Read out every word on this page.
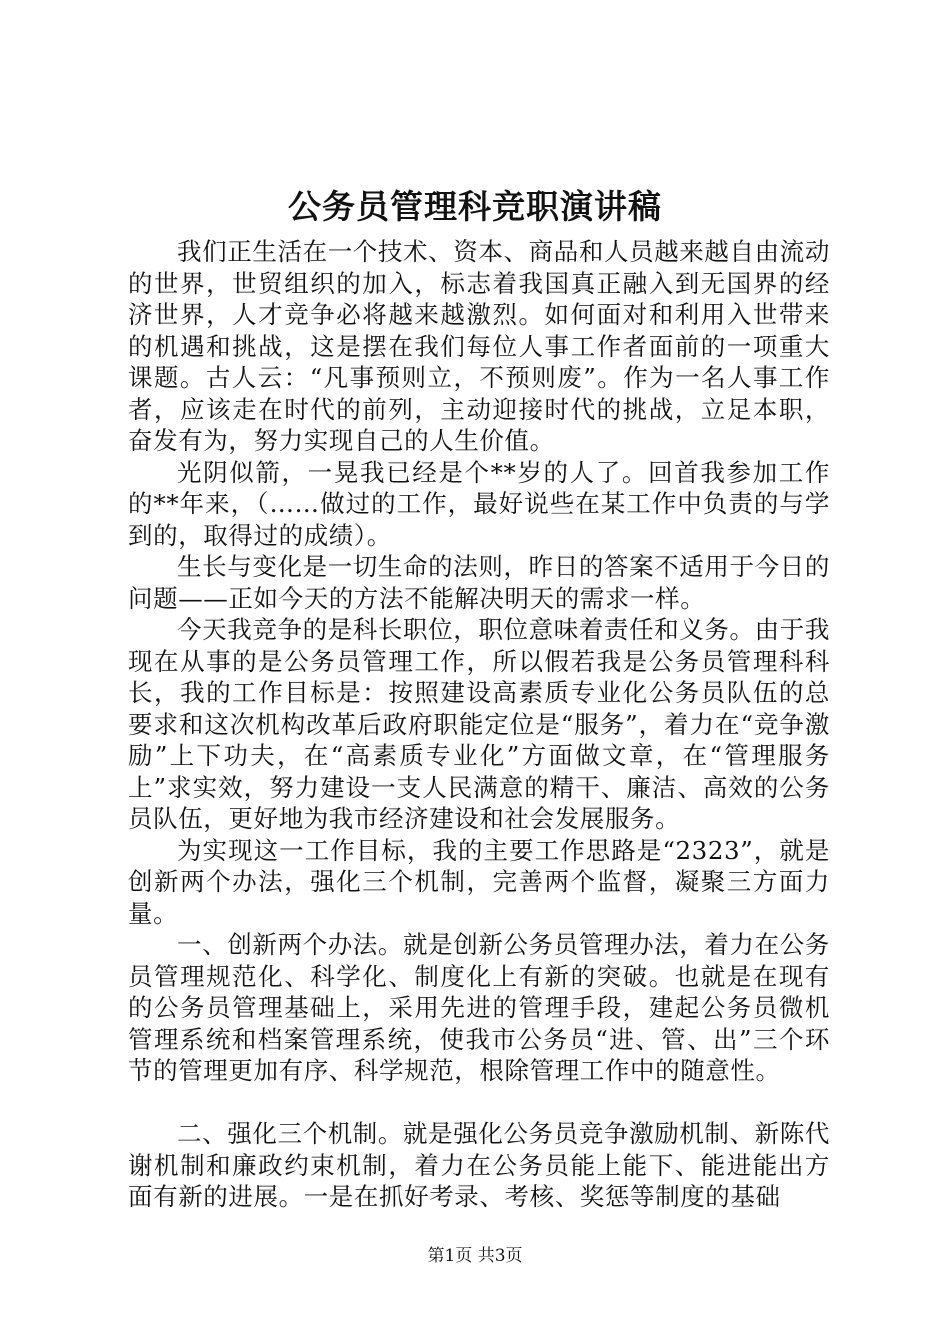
公务员管理科竞职演讲稿

我们正生活在一个技术、资本、商品和人员越来越自由流动的世界，世贸组织的加入，标志着我国真正融入到无国界的经济世界，人才竞争必将越来越激烈。如何面对和利用入世带来的机遇和挑战，这是摆在我们每位人事工作者面前的一项重大课题。古人云：“凡事预则立，不预则废”。作为一名人事工作者，应该走在时代的前列，主动迎接时代的挑战，立足本职，奋发有为，努力实现自己的人生价值。

光阴似箭，一晃我已经是个**岁的人了。回首我参加工作的**年来，（……做过的工作，最好说些在某工作中负责的与学到的，取得过的成绩）。

生长与变化是一切生命的法则，昨日的答案不适用于今日的问题——正如今天的方法不能解决明天的需求一样。

今天我竞争的是科长职位，职位意味着责任和义务。由于我现在从事的是公务员管理工作，所以假若我是公务员管理科科长，我的工作目标是：按照建设高素质专业化公务员队伍的总要求和这次机构改革后政府职能定位是“服务”，着力在“竞争激励”上下功夫，在“高素质专业化”方面做文章，在“管理服务上”求实效，努力建设一支人民满意的精干、廉洁、高效的公务员队伍，更好地为我市经济建设和社会发展服务。

为实现这一工作目标，我的主要工作思路是“2323”，就是创新两个办法，强化三个机制，完善两个监督，凝聚三方面力量。

一、创新两个办法。就是创新公务员管理办法，着力在公务员管理规范化、科学化、制度化上有新的突破。也就是在现有的公务员管理基础上，采用先进的管理手段，建起公务员微机管理系统和档案管理系统，使我市公务员“进、管、出”三个环节的管理更加有序、科学规范，根除管理工作中的随意性。

二、强化三个机制。就是强化公务员竞争激励机制、新陈代谢机制和廉政约束机制，着力在公务员能上能下、能进能出方面有新的进展。一是在抓好考录、考核、奖惩等制度的基础

第1页 共3页
